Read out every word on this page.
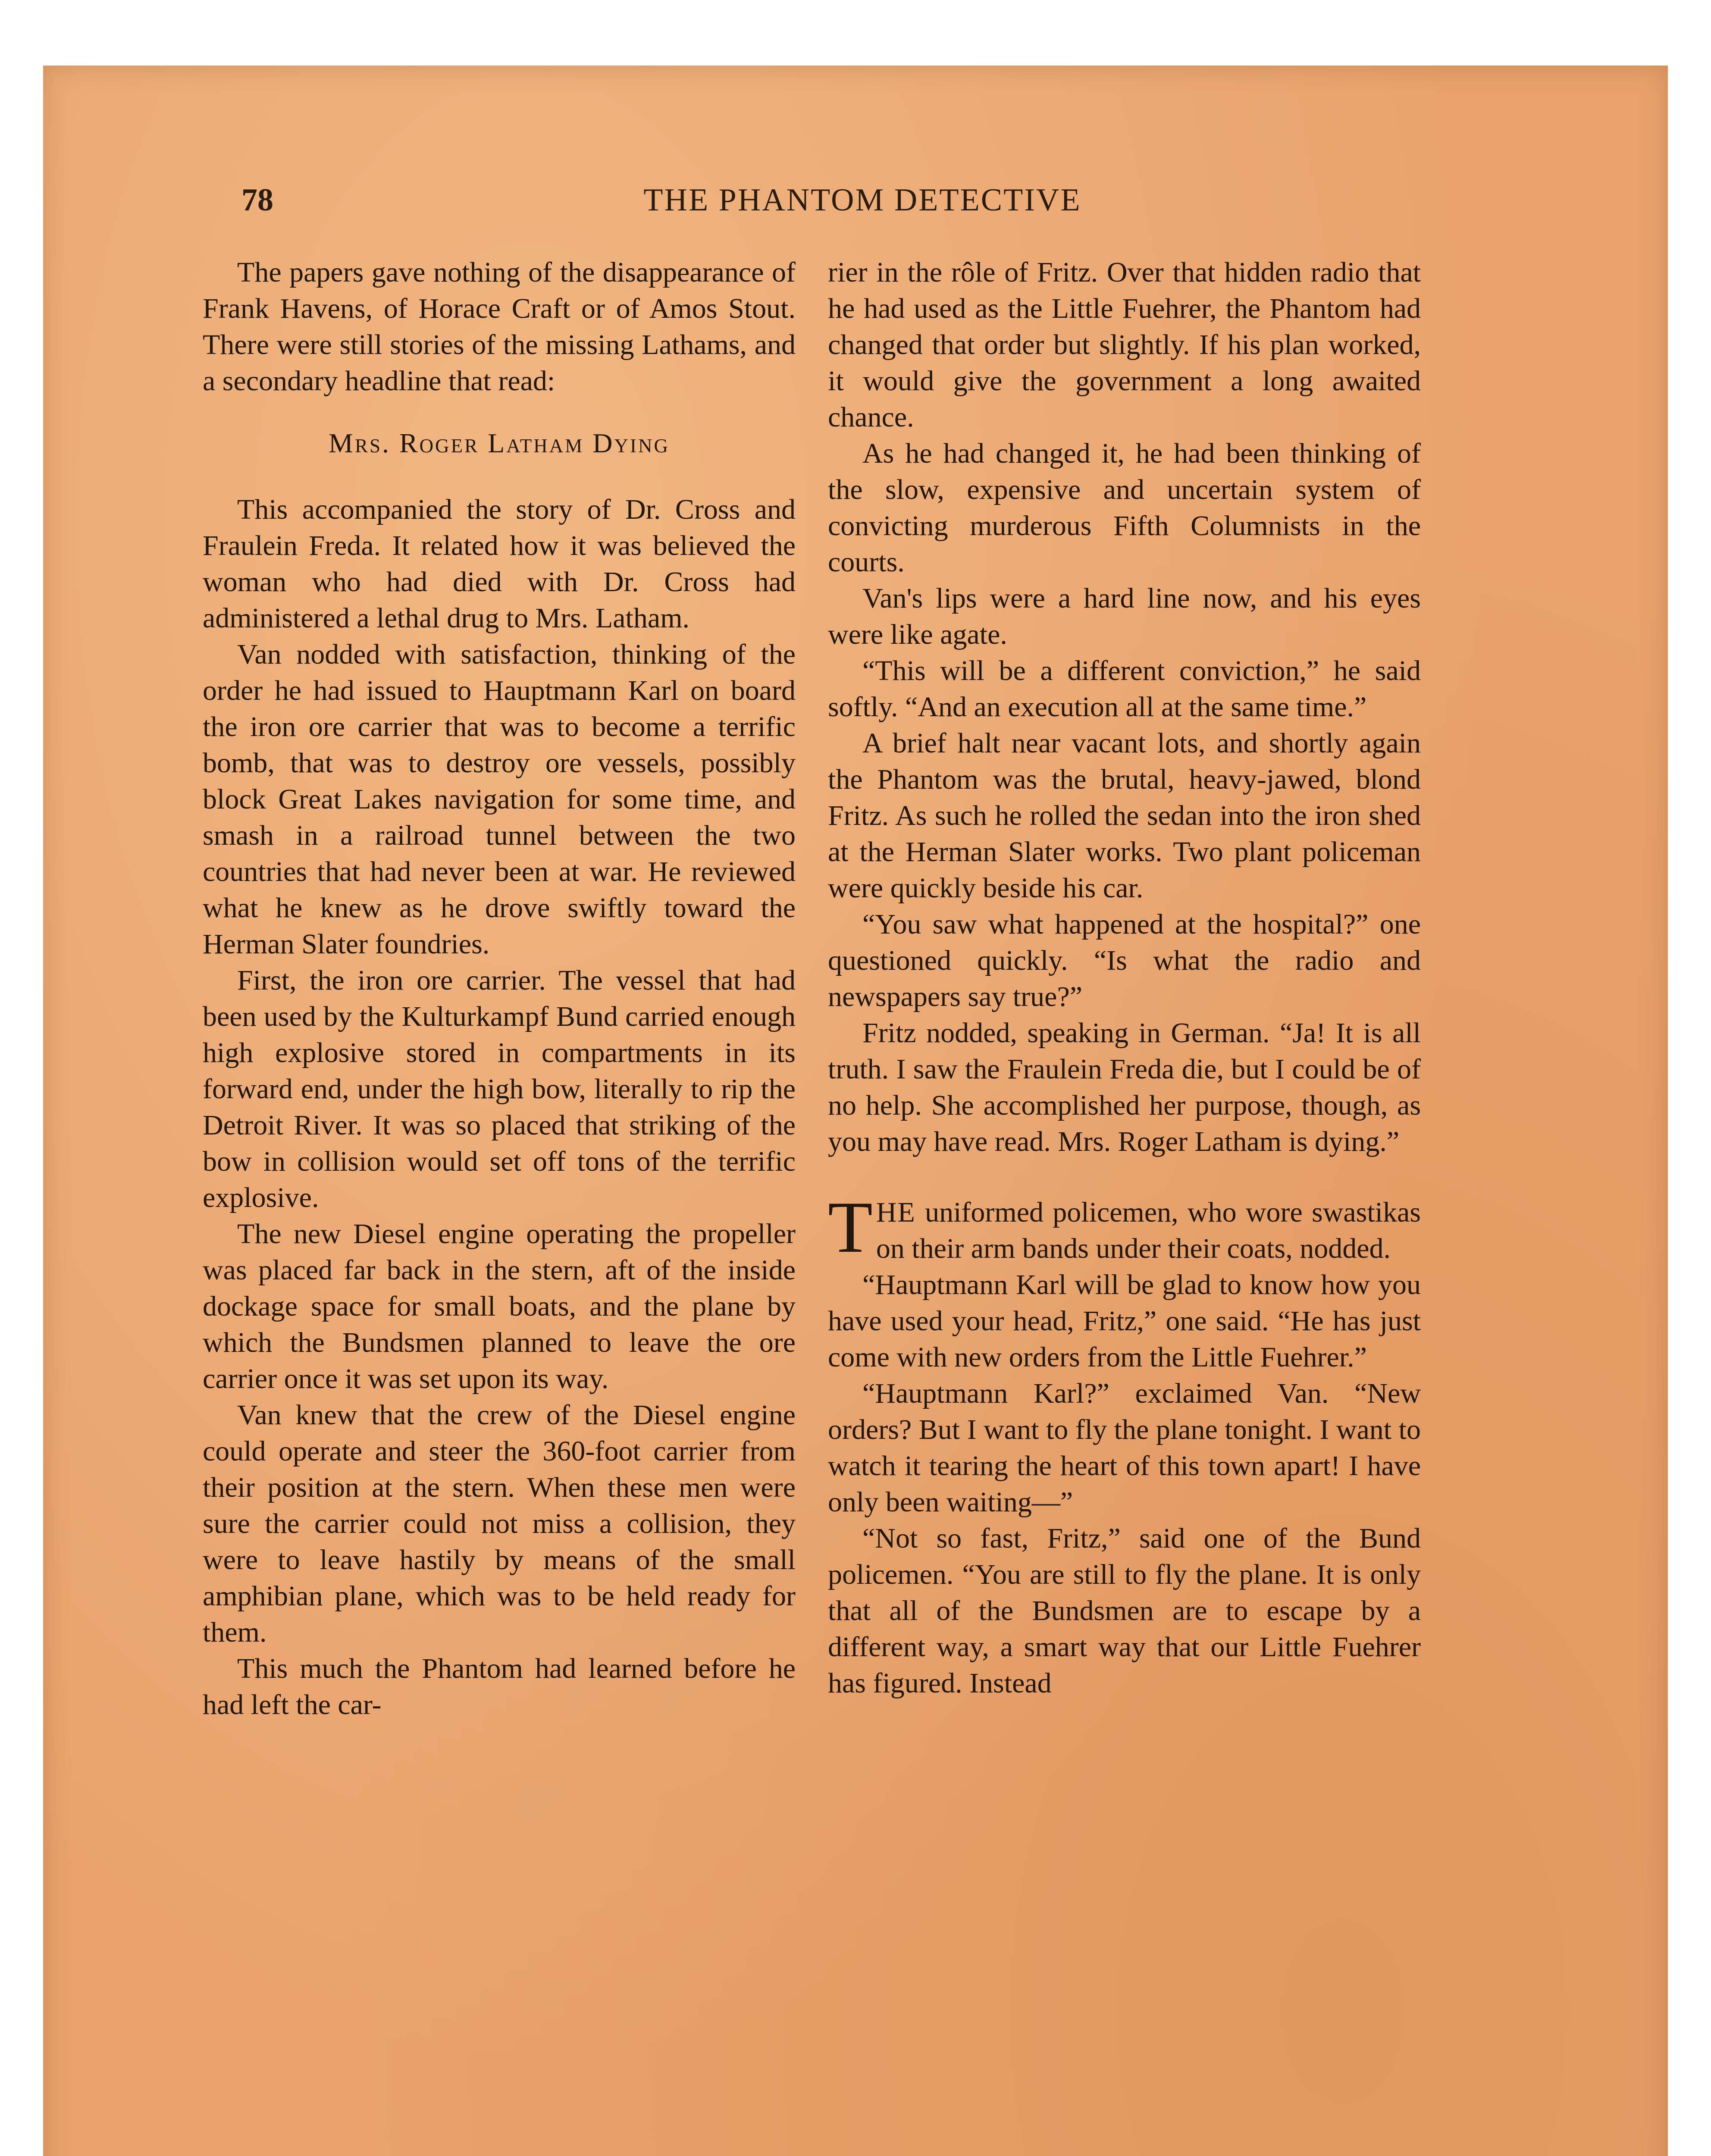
78	THE PHANTOM DETECTIVE

The papers gave nothing of the disappearance of Frank Havens, of Horace Craft or of Amos Stout. There were still stories of the missing Lathams, and a secondary headline that read:

Mrs. Roger Latham Dying

This accompanied the story of Dr. Cross and Fraulein Freda. It related how it was believed the woman who had died with Dr. Cross had administered a lethal drug to Mrs. Latham.

Van nodded with satisfaction, thinking of the order he had issued to Hauptmann Karl on board the iron ore carrier that was to become a terrific bomb, that was to destroy ore vessels, possibly block Great Lakes navigation for some time, and smash in a railroad tunnel between the two countries that had never been at war. He reviewed what he knew as he drove swiftly toward the Herman Slater foundries.

First, the iron ore carrier. The vessel that had been used by the Kulturkampf Bund carried enough high explosive stored in compartments in its forward end, under the high bow, literally to rip the Detroit River. It was so placed that striking of the bow in collision would set off tons of the terrific explosive.

The new Diesel engine operating the propeller was placed far back in the stern, aft of the inside dockage space for small boats, and the plane by which the Bundsmen planned to leave the ore carrier once it was set upon its way.

Van knew that the crew of the Diesel engine could operate and steer the 360-foot carrier from their position at the stern. When these men were sure the carrier could not miss a collision, they were to leave hastily by means of the small amphibian plane, which was to be held ready for them.

This much the Phantom had learned before he had left the car-

rier in the rôle of Fritz. Over that hidden radio that he had used as the Little Fuehrer, the Phantom had changed that order but slightly. If his plan worked, it would give the government a long awaited chance.

As he had changed it, he had been thinking of the slow, expensive and uncertain system of convicting murderous Fifth Columnists in the courts.

Van's lips were a hard line now, and his eyes were like agate.

“This will be a different conviction,” he said softly. “And an execution all at the same time.”

A brief halt near vacant lots, and shortly again the Phantom was the brutal, heavy-jawed, blond Fritz. As such he rolled the sedan into the iron shed at the Herman Slater works. Two plant policeman were quickly beside his car.

“You saw what happened at the hospital?” one questioned quickly. “Is what the radio and newspapers say true?”

Fritz nodded, speaking in German. “Ja! It is all truth. I saw the Fraulein Freda die, but I could be of no help. She accomplished her purpose, though, as you may have read. Mrs. Roger Latham is dying.”

THE uniformed policemen, who wore swastikas on their arm bands under their coats, nodded.

“Hauptmann Karl will be glad to know how you have used your head, Fritz,” one said. “He has just come with new orders from the Little Fuehrer.”

“Hauptmann Karl?” exclaimed Van. “New orders? But I want to fly the plane tonight. I want to watch it tearing the heart of this town apart! I have only been waiting—”

“Not so fast, Fritz,” said one of the Bund policemen. “You are still to fly the plane. It is only that all of the Bundsmen are to escape by a different way, a smart way that our Little Fuehrer has figured. Instead
